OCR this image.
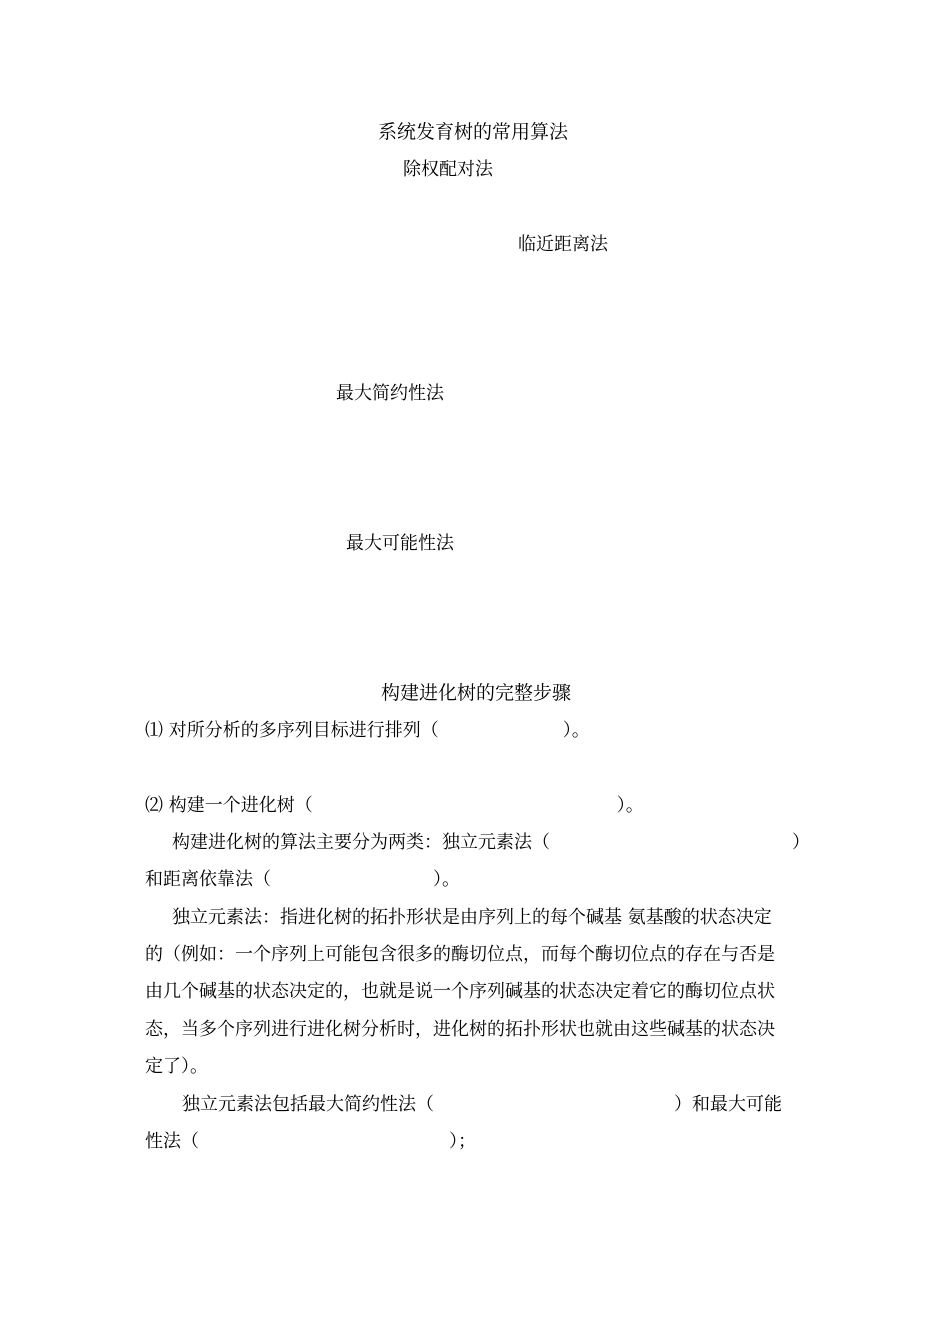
系统发育树的常用算法
除权配对法
临近距离法
最大简约性法
最大可能性法
构建进化树的完整步骤
⑴ 对所分析的多序列目标进行排列（	）。
⑵ 构建一个进化树（	）。
构建进化树的算法主要分为两类：独立元素法（	）
和距离依靠法（	）。
独立元素法：指进化树的拓扑形状是由序列上的每个碱基 氨基酸的状态决定
的（例如：一个序列上可能包含很多的酶切位点，而每个酶切位点的存在与否是
由几个碱基的状态决定的，也就是说一个序列碱基的状态决定着它的酶切位点状
态，当多个序列进行进化树分析时，进化树的拓扑形状也就由这些碱基的状态决
定了）。
独立元素法包括最大简约性法（	）和最大可能
性法（	）；
